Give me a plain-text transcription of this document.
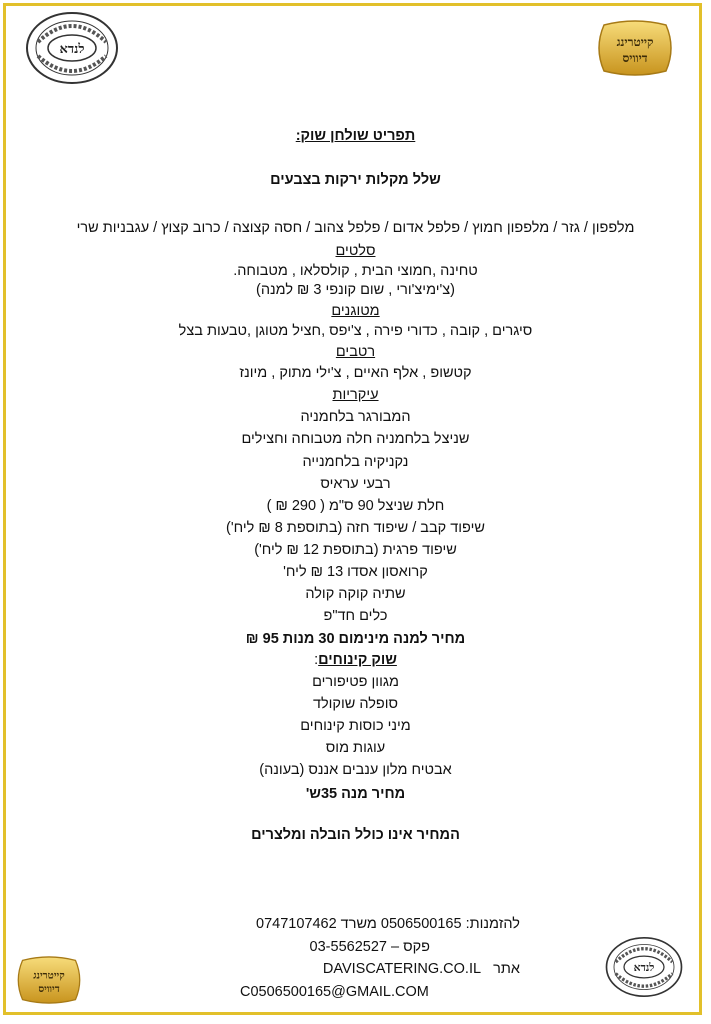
לנדא	קייטרינג
דיוויס
תפריט שולחן שוק:
שלל מקלות ירקות בצבעים
מלפפון / גזר / מלפפון חמוץ / פלפל אדום / פלפל צהוב / חסה קצוצה / כרוב קצוץ / עגבניות שרי
סלטים
טחינה ,חמוצי הבית , קולסלאו , מטבוחה.
(צ'ימיצ'ורי , שום קונפי 3 ₪ למנה)
מטוגנים
סיגרים , קובה , כדורי פירה , צ'יפס ,חציל מטוגן ,טבעות בצל
רטבים
קטשופ , אלף האיים , צ'ילי מתוק , מיונז
עיקריות
המבורגר בלחמניה
שניצל בלחמניה חלה מטבוחה וחצילים
נקניקיה בלחמנייה
רבעי עראיס
חלת שניצל 90 ס"מ ( 290 ₪ )
שיפוד קבב / שיפוד חזה (בתוספת 8 ₪ ליח')
שיפוד פרגית (בתוספת 12 ₪ ליח')
קרואסון אסדו 13 ₪ ליח'
שתיה קוקה קולה
כלים חד"פ
מחיר למנה מינימום 30 מנות 95 ₪
שוק קינוחים:
מגוון פטיפורים
סופלה שוקולד
מיני כוסות קינוחים
עוגות מוס
אבטיח מלון ענבים אננס (בעונה)
מחיר מנה 35ש'
המחיר אינו כולל הובלה ומלצרים
להזמנות: 0506500165 משרד 0747107462
פקס – 03-5562527
אתר  DAVISCATERING.CO.IL
C0506500165@GMAIL.COM
קייטרינג
דיוויס
לנדא
